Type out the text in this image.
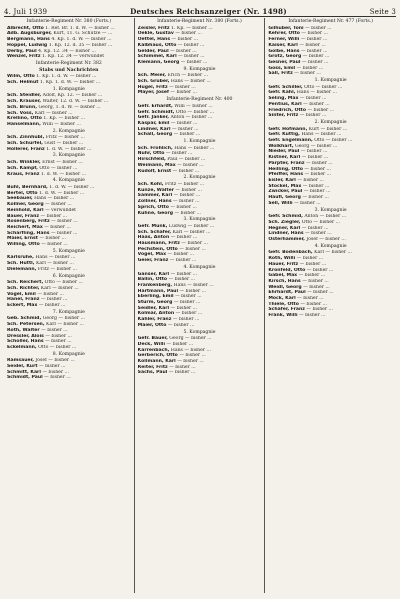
4. Juli 1939	Deutsches Reichsanzeiger (Nr. 1498)	Seite 3
Infanterie-Regiment Nr. 380 (Forts.)
Albrecht, Otto 1. Ref. Br. 1. d. W. — bisher ...
Adb. Augsburger, Kurt, 11. G. Schütze — ...
Bergmann, Hans 4. Kp. 1. d. W. — bisher ...
Hoppel, Ludwig 1. Kp. 12. d. 35 — bisher ...
Derby, Paul 4. Kp. 12. 34 — bisher ...
Wenzel, Fritz 1. Kp. 12. 34 — verwundet
Infanterie-Regiment Nr. 382
Stabs und Nachrichten
Wilm, Otto 1. Kp. 1. d. W. — bisher ...
Sch. Helmut 1. Kp. 1. d. W. — bisher ...
1. Kompagnie
Sch. Steidler, Adolf, Kp. 12. — bisher ...
Sch. Krauser, Walter, 12. d. W. — bisher ...
Sch. Brunn, Georg, 1. d. W. — bisher ...
Sch. Voss, Karl — bisher ...
Krellino, Otto 1. Kp. — bisher ...
Hanselmann, Willi — bisher ...
2. Kompagnie
Sch. Zinnhubl, Fritz — bisher ...
Sch. Schürfel, Gust — bisher ...
Hollerer, Franz 1. d. W. — bisher ...
3. Kompagnie
Sch. Winkler, Ernst — bisher ...
Sch. Kampf, Otto — bisher ...
Kraus, Franz 1. d. W. — bisher ...
4. Kompagnie
Buhl, Bernhard, 1. d. W. — bisher ...
Bertel, Otto 1. d. W. — bisher ...
Seebauer, Hans — bisher ...
Kollner, Georg — bisher ...
Reinhold, Karl — verwundet
Bauer, Franz — bisher ...
Rosenberg, Fritz — bisher ...
Reichert, Max — bisher ...
Schärfling, Hans — bisher ...
Maier, Ernst — bisher ...
Willing, Otto — bisher ...
5. Kompagnie
Karlsruhe, Hans — bisher ...
Sch. Hüttl, Karl — bisher ...
Dielemann, Fritz — bisher ...
6. Kompagnie
Sch. Reichert, Otto — bisher ...
Sch. Richter, Karl — bisher ...
Vogel, Emil — bisher ...
Hanel, Franz — bisher ...
Eckert, Max — bisher ...
7. Kompagnie
Geb. Schmid, Georg — bisher ...
Sch. Petersen, Karl — bisher ...
Roth, Walter — bisher ...
Dressler, Alois — bisher ...
Schöller, Hans — bisher ...
Eckelmann, Otto — bisher ...
8. Kompagnie
Ramsauer, Josef — bisher ...
Seidel, Kurt — bisher ...
Schmitt, Karl — bisher ...
Schmidt, Paul — bisher ...
Infanterie-Regiment Nr. 380 (Forts.)
Zeisler, Fritz 1. Kp. — bisher ...
Oekle, Gustav — bisher ...
Oettel, Hans — bisher ...
Kalbhaus, Otto — bisher ...
Gelder, Paul — bisher ...
Schimmel, Karl — bisher ...
Klemann, Georg — bisher ...
9. Kompagnie
Sch. Meier, Erich — bisher ...
Sch. Gruber, Hans — bisher ...
Hugel, Fritz — bisher ...
Mayer, Josef — bisher ...
Infanterie-Regiment Nr. 400
Gefr. Erhardt, Willi — bisher ...
Gefr. Schmidt, Otto — bisher ...
Gefr. Janker, Anton — bisher ...
Kaspar, Emil — bisher ...
Lindner, Karl — bisher ...
Schall, Georg — bisher ...
1. Kompagnie
Sch. Fröhlich, Hans — bisher ...
Nuhr, Otto — bisher ...
Hirschfeld, Paul — bisher ...
Weimann, Max — bisher ...
Rudolf, Ernst — bisher ...
2. Kompagnie
Sch. Kohl, Fritz — bisher ...
Kunze, Walter — bisher ...
Sammer, Karl — bisher ...
Zollner, Hans — bisher ...
Sprich, Otto — bisher ...
Kühne, Georg — bisher ...
3. Kompagnie
Gefr. Munk, Ludwig — bisher ...
Sch. Schäfer, Karl — bisher ...
Haas, Anton — bisher ...
Hausmann, Fritz — bisher ...
Pechstein, Otto — bisher ...
Vogel, Max — bisher ...
Geier, Franz — bisher ...
4. Kompagnie
Ganser, Karl — bisher ...
Ballin, Otto — bisher ...
Frankenberg, Hans — bisher ...
Hartmann, Paul — bisher ...
Eberling, Emil — bisher ...
Sturm, Georg — bisher ...
Seidler, Karl — bisher ...
Kolmar, Anton — bisher ...
Kahler, Franz — bisher ...
Maier, Otto — bisher ...
5. Kompagnie
Gefr. Bauer, Georg — bisher ...
Deck, Willi — bisher ...
Karrenbach, Hans — bisher ...
Gerberich, Otto — bisher ...
Kollmann, Karl — bisher ...
Reiter, Fritz — bisher ...
Sachs, Paul — bisher ...
Infanterie-Regiment Nr. 477 (Forts.)
Gilhuber, Toni — bisher ...
Kehrer, Otto — bisher ...
Ferner, Willi — bisher ...
Kaiser, Karl — bisher ...
Golbe, Hans — bisher ...
Grötz, Georg — bisher ...
Gesner, Paul — bisher ...
Goss, Emil — bisher ...
Sall, Fritz — bisher ...
1. Kompagnie
Gefr. Schiller, Otto — bisher ...
Gefr. Kahl, Hans — bisher ...
Seling, Max — bisher ...
Pentius, Karl — bisher ...
Friedrich, Otto — bisher ...
Sinter, Fritz — bisher ...
2. Kompagnie
Gefr. Hofmann, Kurt — bisher ...
Gefr. Kuttig, Hans — bisher ...
Gefr. Engelmann, Otto — bisher ...
Wolkhart, Georg — bisher ...
Nieder, Paul — bisher ...
Kistner, Karl — bisher ...
Parpter, Franz — bisher ...
Heilling, Otto — bisher ...
Pfeiffer, Hans — bisher ...
Eisler, Karl — bisher ...
Stöckel, Max — bisher ...
Zwicker, Paul — bisher ...
Haufl, Georg — bisher ...
Sell, Willi — bisher ...
3. Kompagnie
Gefr. Schmid, Anton — bisher ...
Sch. Ziegler, Otto — bisher ...
Hegner, Karl — bisher ...
Lindner, Hans — bisher ...
Osterhammer, Josef — bisher ...
4. Kompagnie
Gefr. Bodenbach, Karl — bisher ...
Roth, Willi — bisher ...
Hauer, Fritz — bisher ...
Kronfeld, Otto — bisher ...
Gäbel, Max — bisher ...
Kirsch, Hans — bisher ...
Weidl, Georg — bisher ...
Ehrhardt, Paul — bisher ...
Mock, Karl — bisher ...
Thiele, Otto — bisher ...
Schäfer, Franz — bisher ...
Frank, Willi — bisher ...
